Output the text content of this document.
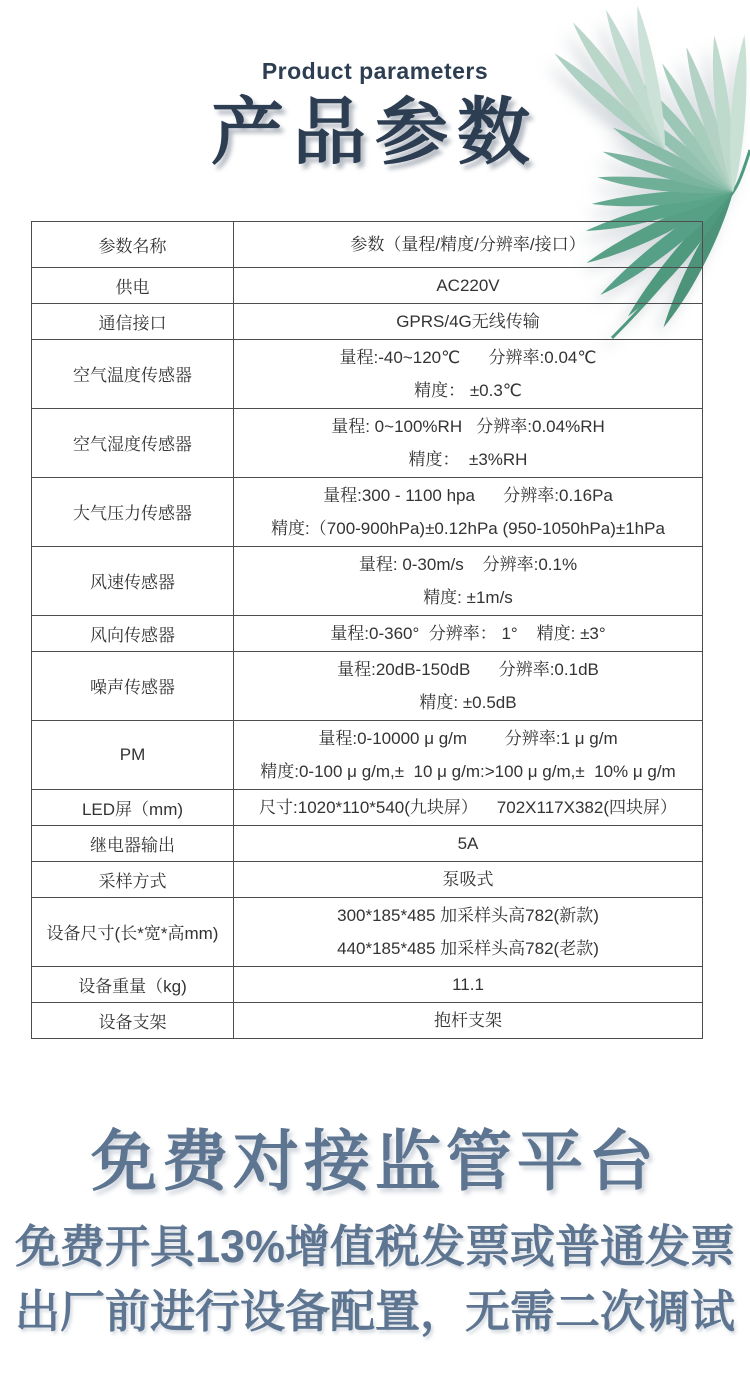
Product parameters
产品参数
参数名称	参数（量程/精度/分辨率/接口）

供电	AC220V

通信接口	GPRS/4G无线传输

空气温度传感器	量程:-40~120℃      分辨率:0.04℃
精度： ±0.3℃

空气湿度传感器	量程: 0~100%RH   分辨率:0.04%RH
精度：  ±3%RH

大气压力传感器	量程:300 - 1100 hpa      分辨率:0.16Pa
精度:（700-900hPa)±0.12hPa (950-1050hPa)±1hPa

风速传感器	量程: 0-30m/s    分辨率:0.1%
精度: ±1m/s

风向传感器	量程:0-360°  分辨率： 1°    精度: ±3°

噪声传感器	量程:20dB-150dB      分辨率:0.1dB
精度: ±0.5dB

PM	量程:0-10000 μ g/m        分辨率:1 μ g/m
精度:0-100 μ g/m,±  10 μ g/m:>100 μ g/m,±  10% μ g/m

LED屏（mm)	尺寸:1020*110*540(九块屏）    702X117X382(四块屏）

继电器输出	5A

采样方式	泵吸式

设备尺寸(长*宽*高mm)	300*185*485 加采样头高782(新款)
440*185*485 加采样头高782(老款)

设备重量（kg)	11.1

设备支架	抱杆支架
免费对接监管平台
免费开具13%增值税发票或普通发票
出厂前进行设备配置，无需二次调试
